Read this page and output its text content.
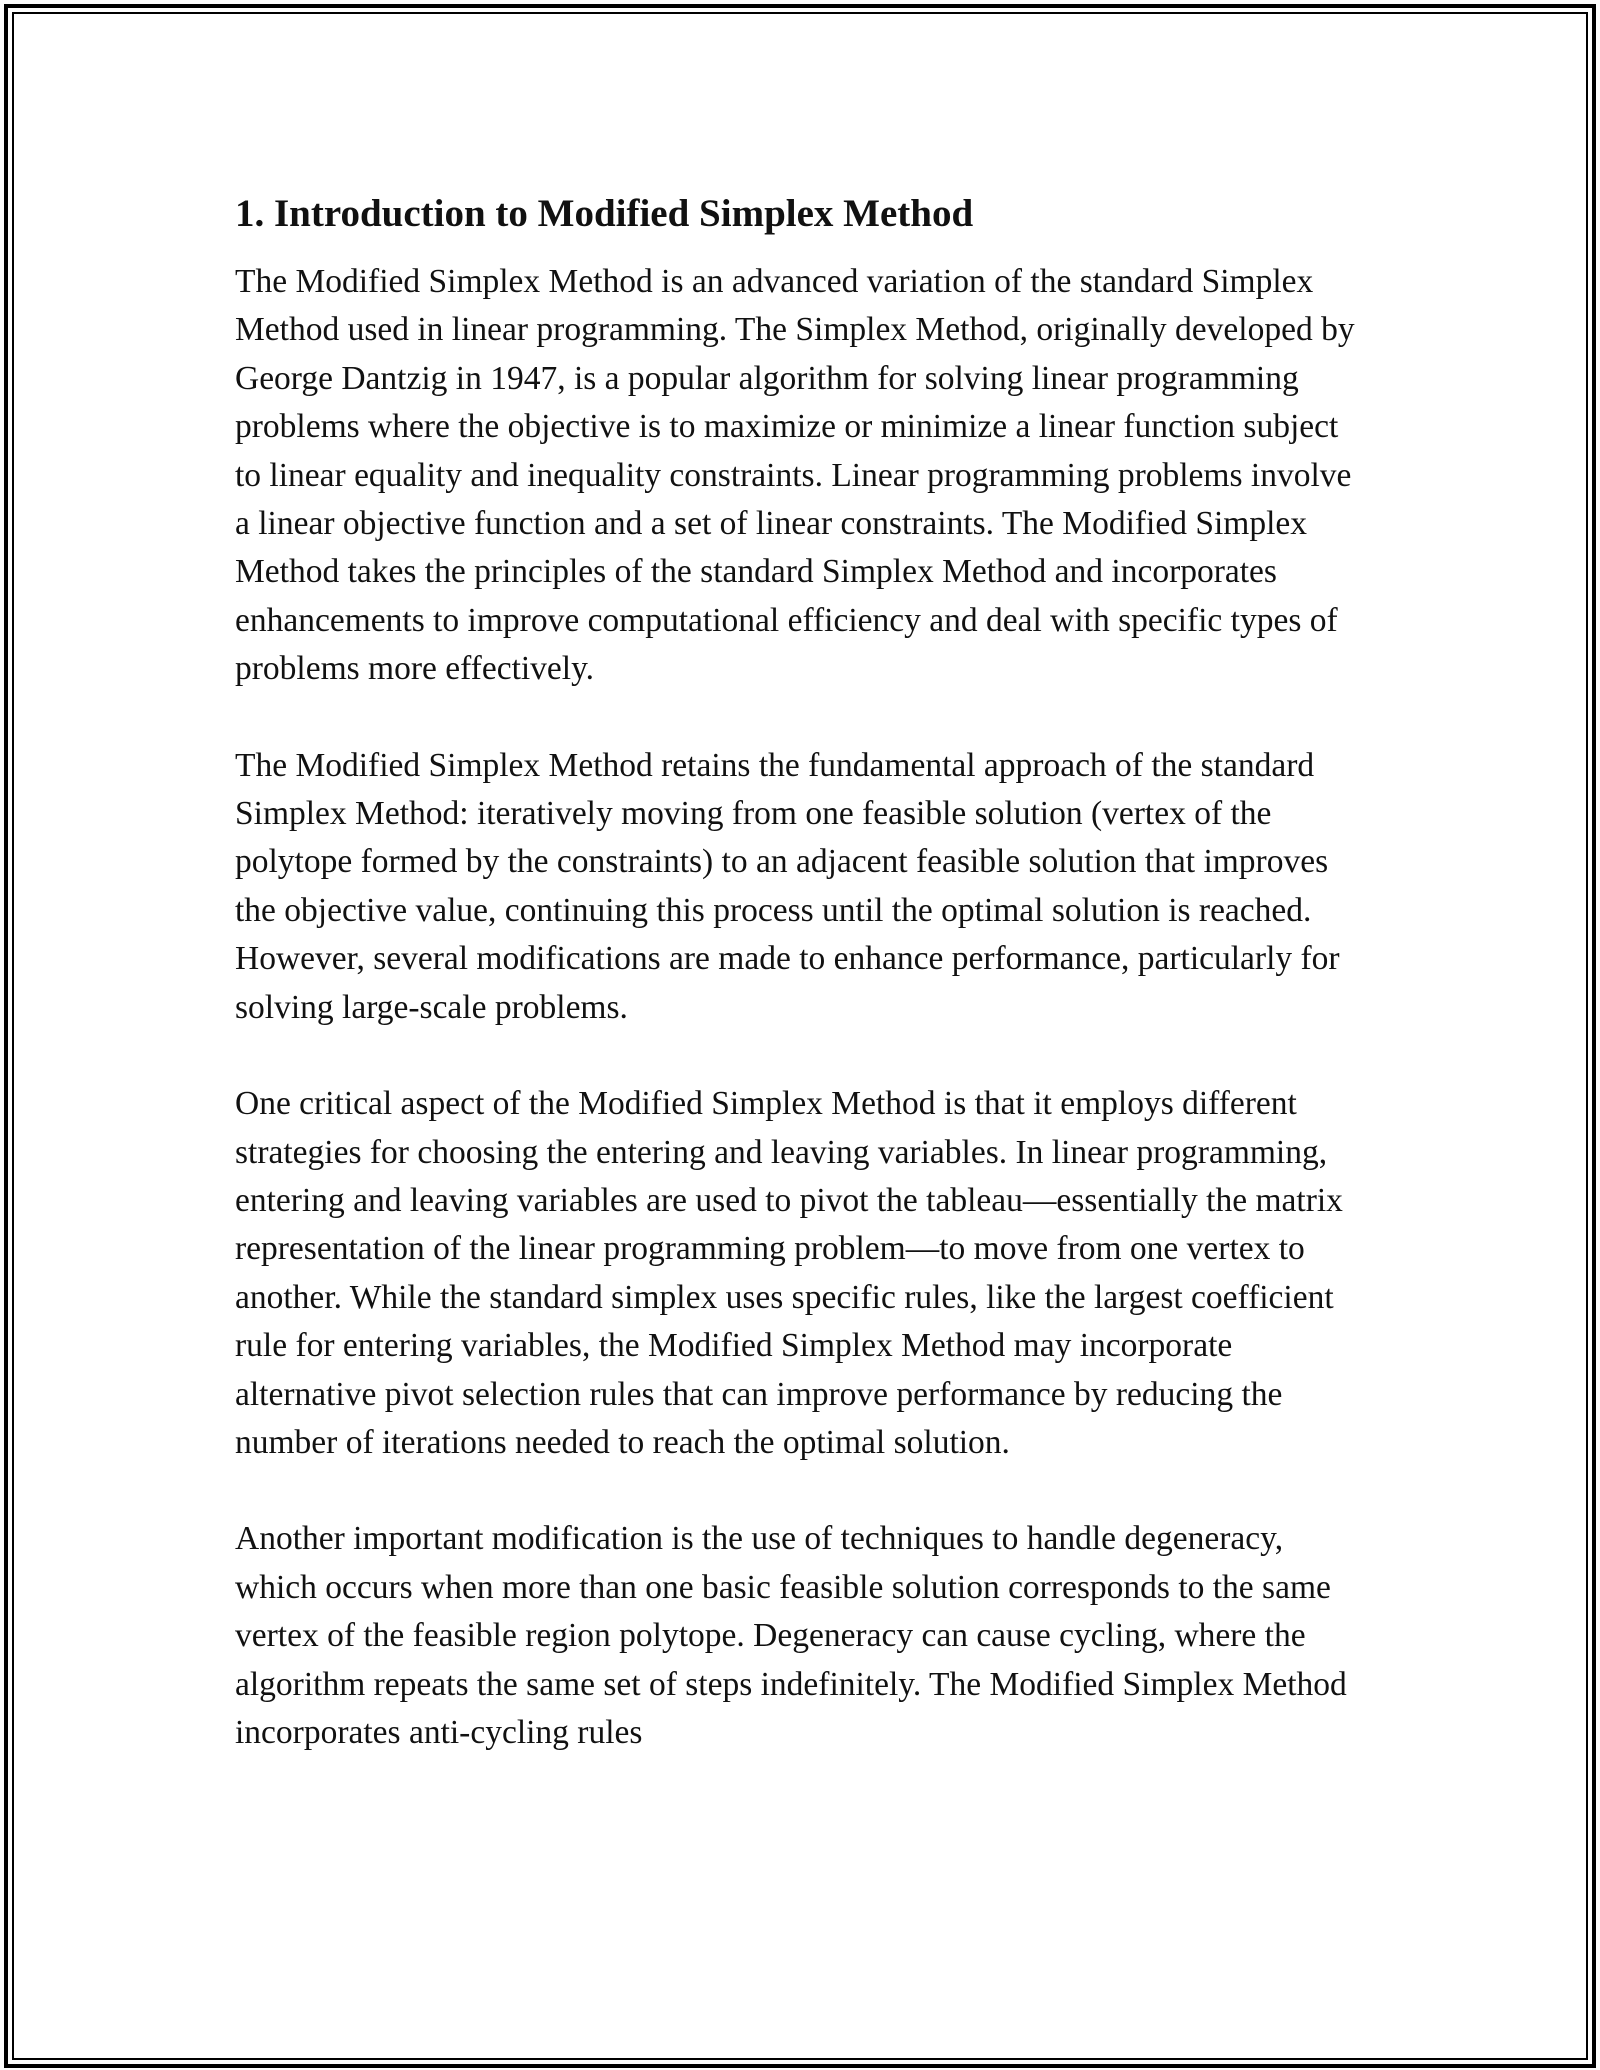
1. Introduction to Modified Simplex Method

The Modified Simplex Method is an advanced variation of the standard Simplex Method used in linear programming. The Simplex Method, originally developed by George Dantzig in 1947, is a popular algorithm for solving linear programming problems where the objective is to maximize or minimize a linear function subject to linear equality and inequality constraints. Linear programming problems involve a linear objective function and a set of linear constraints. The Modified Simplex Method takes the principles of the standard Simplex Method and incorporates enhancements to improve computational efficiency and deal with specific types of problems more effectively.

The Modified Simplex Method retains the fundamental approach of the standard Simplex Method: iteratively moving from one feasible solution (vertex of the polytope formed by the constraints) to an adjacent feasible solution that improves the objective value, continuing this process until the optimal solution is reached. However, several modifications are made to enhance performance, particularly for solving large-scale problems.

One critical aspect of the Modified Simplex Method is that it employs different strategies for choosing the entering and leaving variables. In linear programming, entering and leaving variables are used to pivot the tableau—essentially the matrix representation of the linear programming problem—to move from one vertex to another. While the standard simplex uses specific rules, like the largest coefficient rule for entering variables, the Modified Simplex Method may incorporate alternative pivot selection rules that can improve performance by reducing the number of iterations needed to reach the optimal solution.

Another important modification is the use of techniques to handle degeneracy, which occurs when more than one basic feasible solution corresponds to the same vertex of the feasible region polytope. Degeneracy can cause cycling, where the algorithm repeats the same set of steps indefinitely. The Modified Simplex Method incorporates anti-cycling rules
